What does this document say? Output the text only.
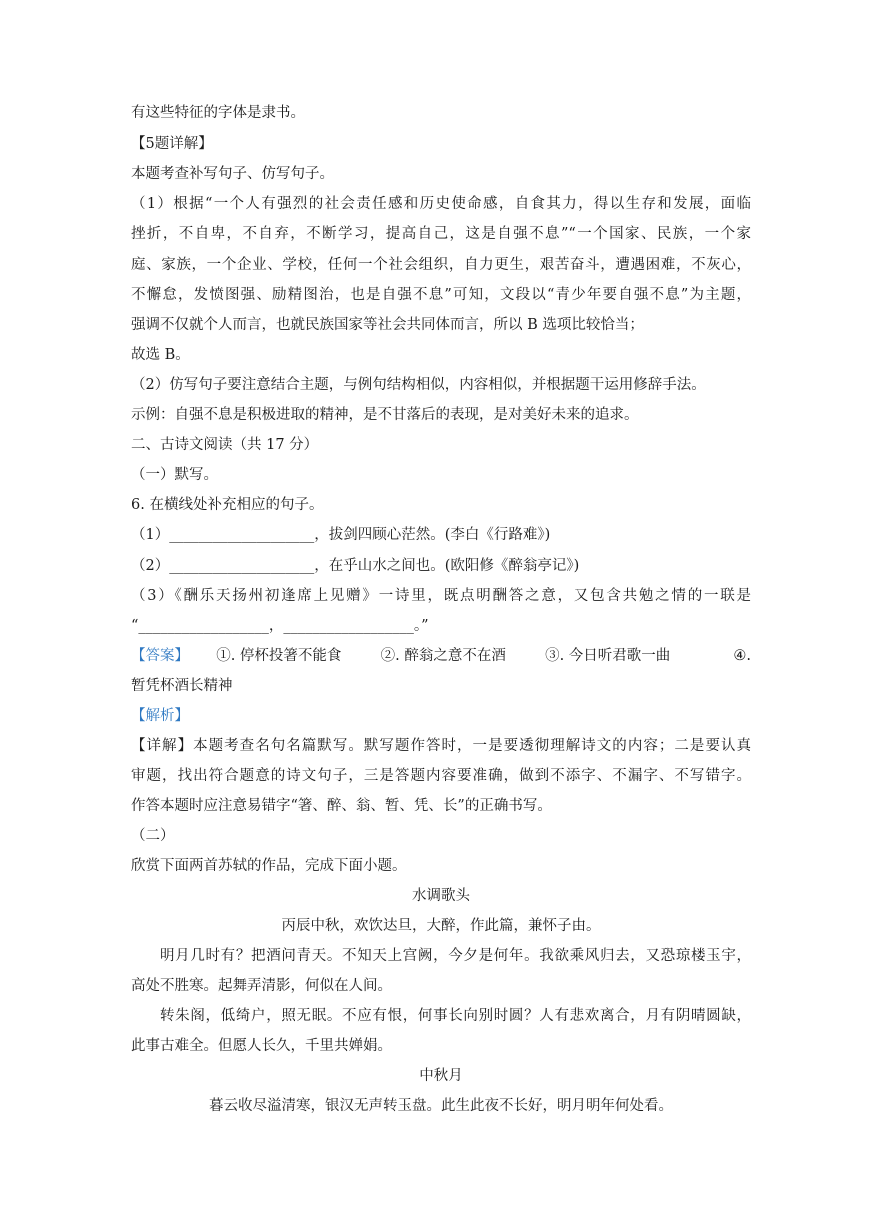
有这些特征的字体是隶书。
【5题详解】
本题考查补写句子、仿写句子。
（1）根据“一个人有强烈的社会责任感和历史使命感，自食其力，得以生存和发展，面临
挫折，不自卑，不自弃，不断学习，提高自己，这是自强不息”“一个国家、民族，一个家
庭、家族，一个企业、学校，任何一个社会组织，自力更生，艰苦奋斗，遭遇困难，不灰心，
不懈怠，发愤图强、励精图治，也是自强不息”可知，文段以“青少年要自强不息”为主题，
强调不仅就个人而言，也就民族国家等社会共同体而言，所以 B 选项比较恰当；
故选 B。
（2）仿写句子要注意结合主题，与例句结构相似，内容相似，并根据题干运用修辞手法。
示例：自强不息是积极进取的精神，是不甘落后的表现，是对美好未来的追求。
二、古诗文阅读（共 17 分）
（一）默写。
6. 在横线处补充相应的句子。
（1）____________________，拔剑四顾心茫然。(李白《行路难》)
（2）____________________，在乎山水之间也。(欧阳修《醉翁亭记》)
（3）《酬乐天扬州初逢席上见赠》一诗里，既点明酬答之意，又包含共勉之情的一联是
“__________________，__________________。”
【答案】 ①. 停杯投箸不能食	②. 醉翁之意不在酒	③. 今日听君歌一曲	④.
暂凭杯酒长精神
【解析】
【详解】本题考查名句名篇默写。默写题作答时，一是要透彻理解诗文的内容；二是要认真
审题，找出符合题意的诗文句子，三是答题内容要准确，做到不添字、不漏字、不写错字。
作答本题时应注意易错字“箸、醉、翁、暂、凭、长”的正确书写。
（二）
欣赏下面两首苏轼的作品，完成下面小题。
水调歌头
丙辰中秋，欢饮达旦，大醉，作此篇，兼怀子由。
明月几时有？把酒问青天。不知天上宫阙，今夕是何年。我欲乘风归去，又恐琼楼玉宇，
高处不胜寒。起舞弄清影，何似在人间。
转朱阁，低绮户，照无眠。不应有恨，何事长向别时圆？人有悲欢离合，月有阴晴圆缺，
此事古难全。但愿人长久，千里共婵娟。
中秋月
暮云收尽溢清寒，银汉无声转玉盘。此生此夜不长好，明月明年何处看。
